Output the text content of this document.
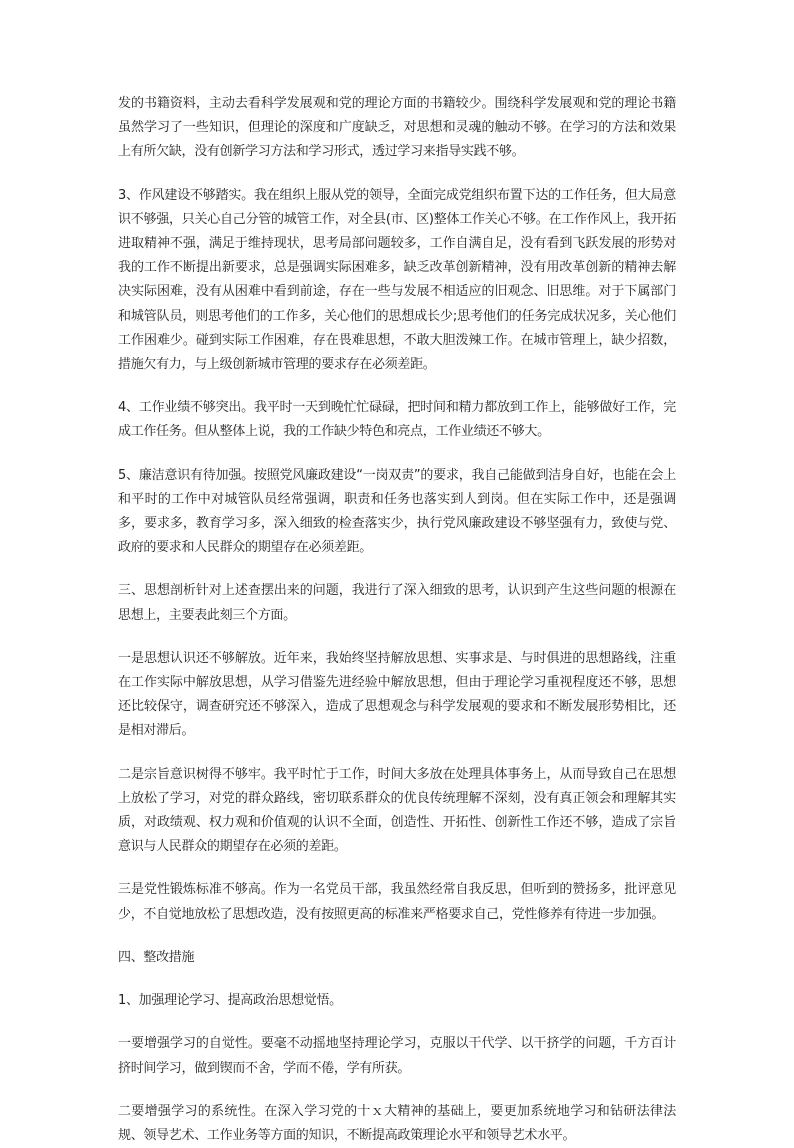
发的书籍资料，主动去看科学发展观和党的理论方面的书籍较少。围绕科学发展观和党的理论书籍虽然学习了一些知识，但理论的深度和广度缺乏，对思想和灵魂的触动不够。在学习的方法和效果上有所欠缺，没有创新学习方法和学习形式，透过学习来指导实践不够。

3、作风建设不够踏实。我在组织上服从党的领导，全面完成党组织布置下达的工作任务，但大局意识不够强，只关心自己分管的城管工作，对全县(市、区)整体工作关心不够。在工作作风上，我开拓进取精神不强，满足于维持现状，思考局部问题较多，工作自满自足，没有看到飞跃发展的形势对我的工作不断提出新要求，总是强调实际困难多，缺乏改革创新精神，没有用改革创新的精神去解决实际困难，没有从困难中看到前途，存在一些与发展不相适应的旧观念、旧思维。对于下属部门和城管队员，则思考他们的工作多，关心他们的思想成长少;思考他们的任务完成状况多，关心他们工作困难少。碰到实际工作困难，存在畏难思想，不敢大胆泼辣工作。在城市管理上，缺少招数，措施欠有力，与上级创新城市管理的要求存在必须差距。

4、工作业绩不够突出。我平时一天到晚忙忙碌碌，把时间和精力都放到工作上，能够做好工作，完成工作任务。但从整体上说，我的工作缺少特色和亮点，工作业绩还不够大。

5、廉洁意识有待加强。按照党风廉政建设“一岗双责”的要求，我自己能做到洁身自好，也能在会上和平时的工作中对城管队员经常强调，职责和任务也落实到人到岗。但在实际工作中，还是强调多，要求多，教育学习多，深入细致的检查落实少，执行党风廉政建设不够坚强有力，致使与党、政府的要求和人民群众的期望存在必须差距。

三、思想剖析针对上述查摆出来的问题，我进行了深入细致的思考，认识到产生这些问题的根源在思想上，主要表此刻三个方面。

一是思想认识还不够解放。近年来，我始终坚持解放思想、实事求是、与时俱进的思想路线，注重在工作实际中解放思想，从学习借鉴先进经验中解放思想，但由于理论学习重视程度还不够，思想还比较保守，调查研究还不够深入，造成了思想观念与科学发展观的要求和不断发展形势相比，还是相对滞后。

二是宗旨意识树得不够牢。我平时忙于工作，时间大多放在处理具体事务上，从而导致自己在思想上放松了学习，对党的群众路线，密切联系群众的优良传统理解不深刻，没有真正领会和理解其实质，对政绩观、权力观和价值观的认识不全面，创造性、开拓性、创新性工作还不够，造成了宗旨意识与人民群众的期望存在必须的差距。

三是党性锻炼标准不够高。作为一名党员干部，我虽然经常自我反思，但听到的赞扬多，批评意见少，不自觉地放松了思想改造，没有按照更高的标准来严格要求自己，党性修养有待进一步加强。

四、整改措施

1、加强理论学习、提高政治思想觉悟。

一要增强学习的自觉性。要毫不动摇地坚持理论学习，克服以干代学、以干挤学的问题，千方百计挤时间学习，做到锲而不舍，学而不倦，学有所获。

二要增强学习的系统性。在深入学习党的十ｘ大精神的基础上，要更加系统地学习和钻研法律法规、领导艺术、工作业务等方面的知识，不断提高政策理论水平和领导艺术水平。
